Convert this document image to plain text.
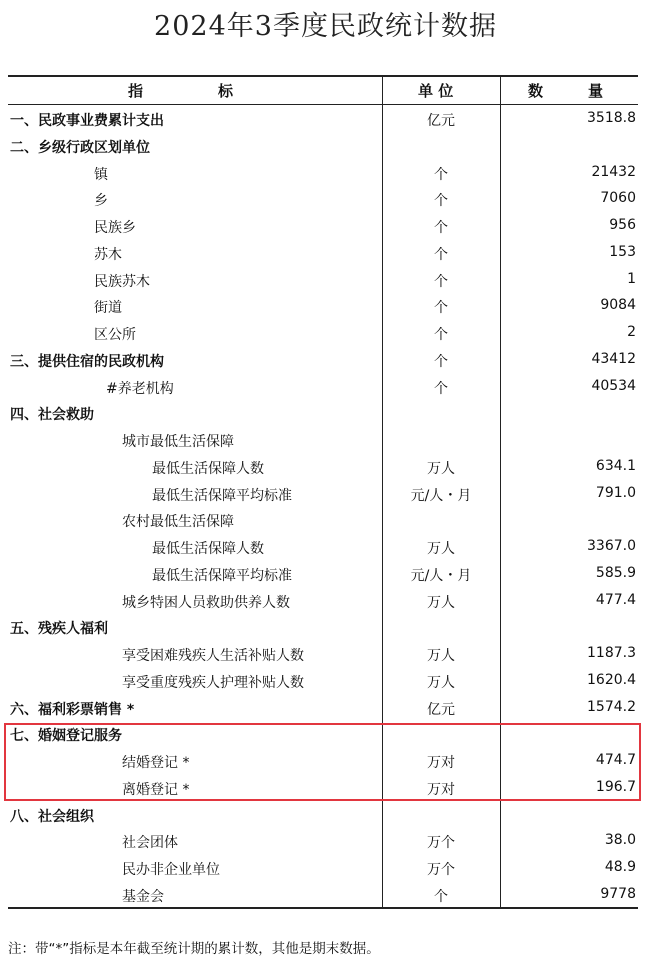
2024年3季度民政统计数据
指　　　　　标	单 位	数　　　量
一、民政事业费累计支出	亿元	3518.8
二、乡级行政区划单位
镇	个	21432
乡	个	7060
民族乡	个	956
苏木	个	153
民族苏木	个	1
街道	个	9084
区公所	个	2
三、提供住宿的民政机构	个	43412
#养老机构	个	40534
四、社会救助
城市最低生活保障
最低生活保障人数	万人	634.1
最低生活保障平均标准	元/人・月	791.0
农村最低生活保障
最低生活保障人数	万人	3367.0
最低生活保障平均标准	元/人・月	585.9
城乡特困人员救助供养人数	万人	477.4
五、残疾人福利
享受困难残疾人生活补贴人数	万人	1187.3
享受重度残疾人护理补贴人数	万人	1620.4
六、福利彩票销售 *	亿元	1574.2
七、婚姻登记服务
结婚登记 *	万对	474.7
离婚登记 *	万对	196.7
八、社会组织
社会团体	万个	38.0
民办非企业单位	万个	48.9
基金会	个	9778
注：带“*”指标是本年截至统计期的累计数，其他是期末数据。
